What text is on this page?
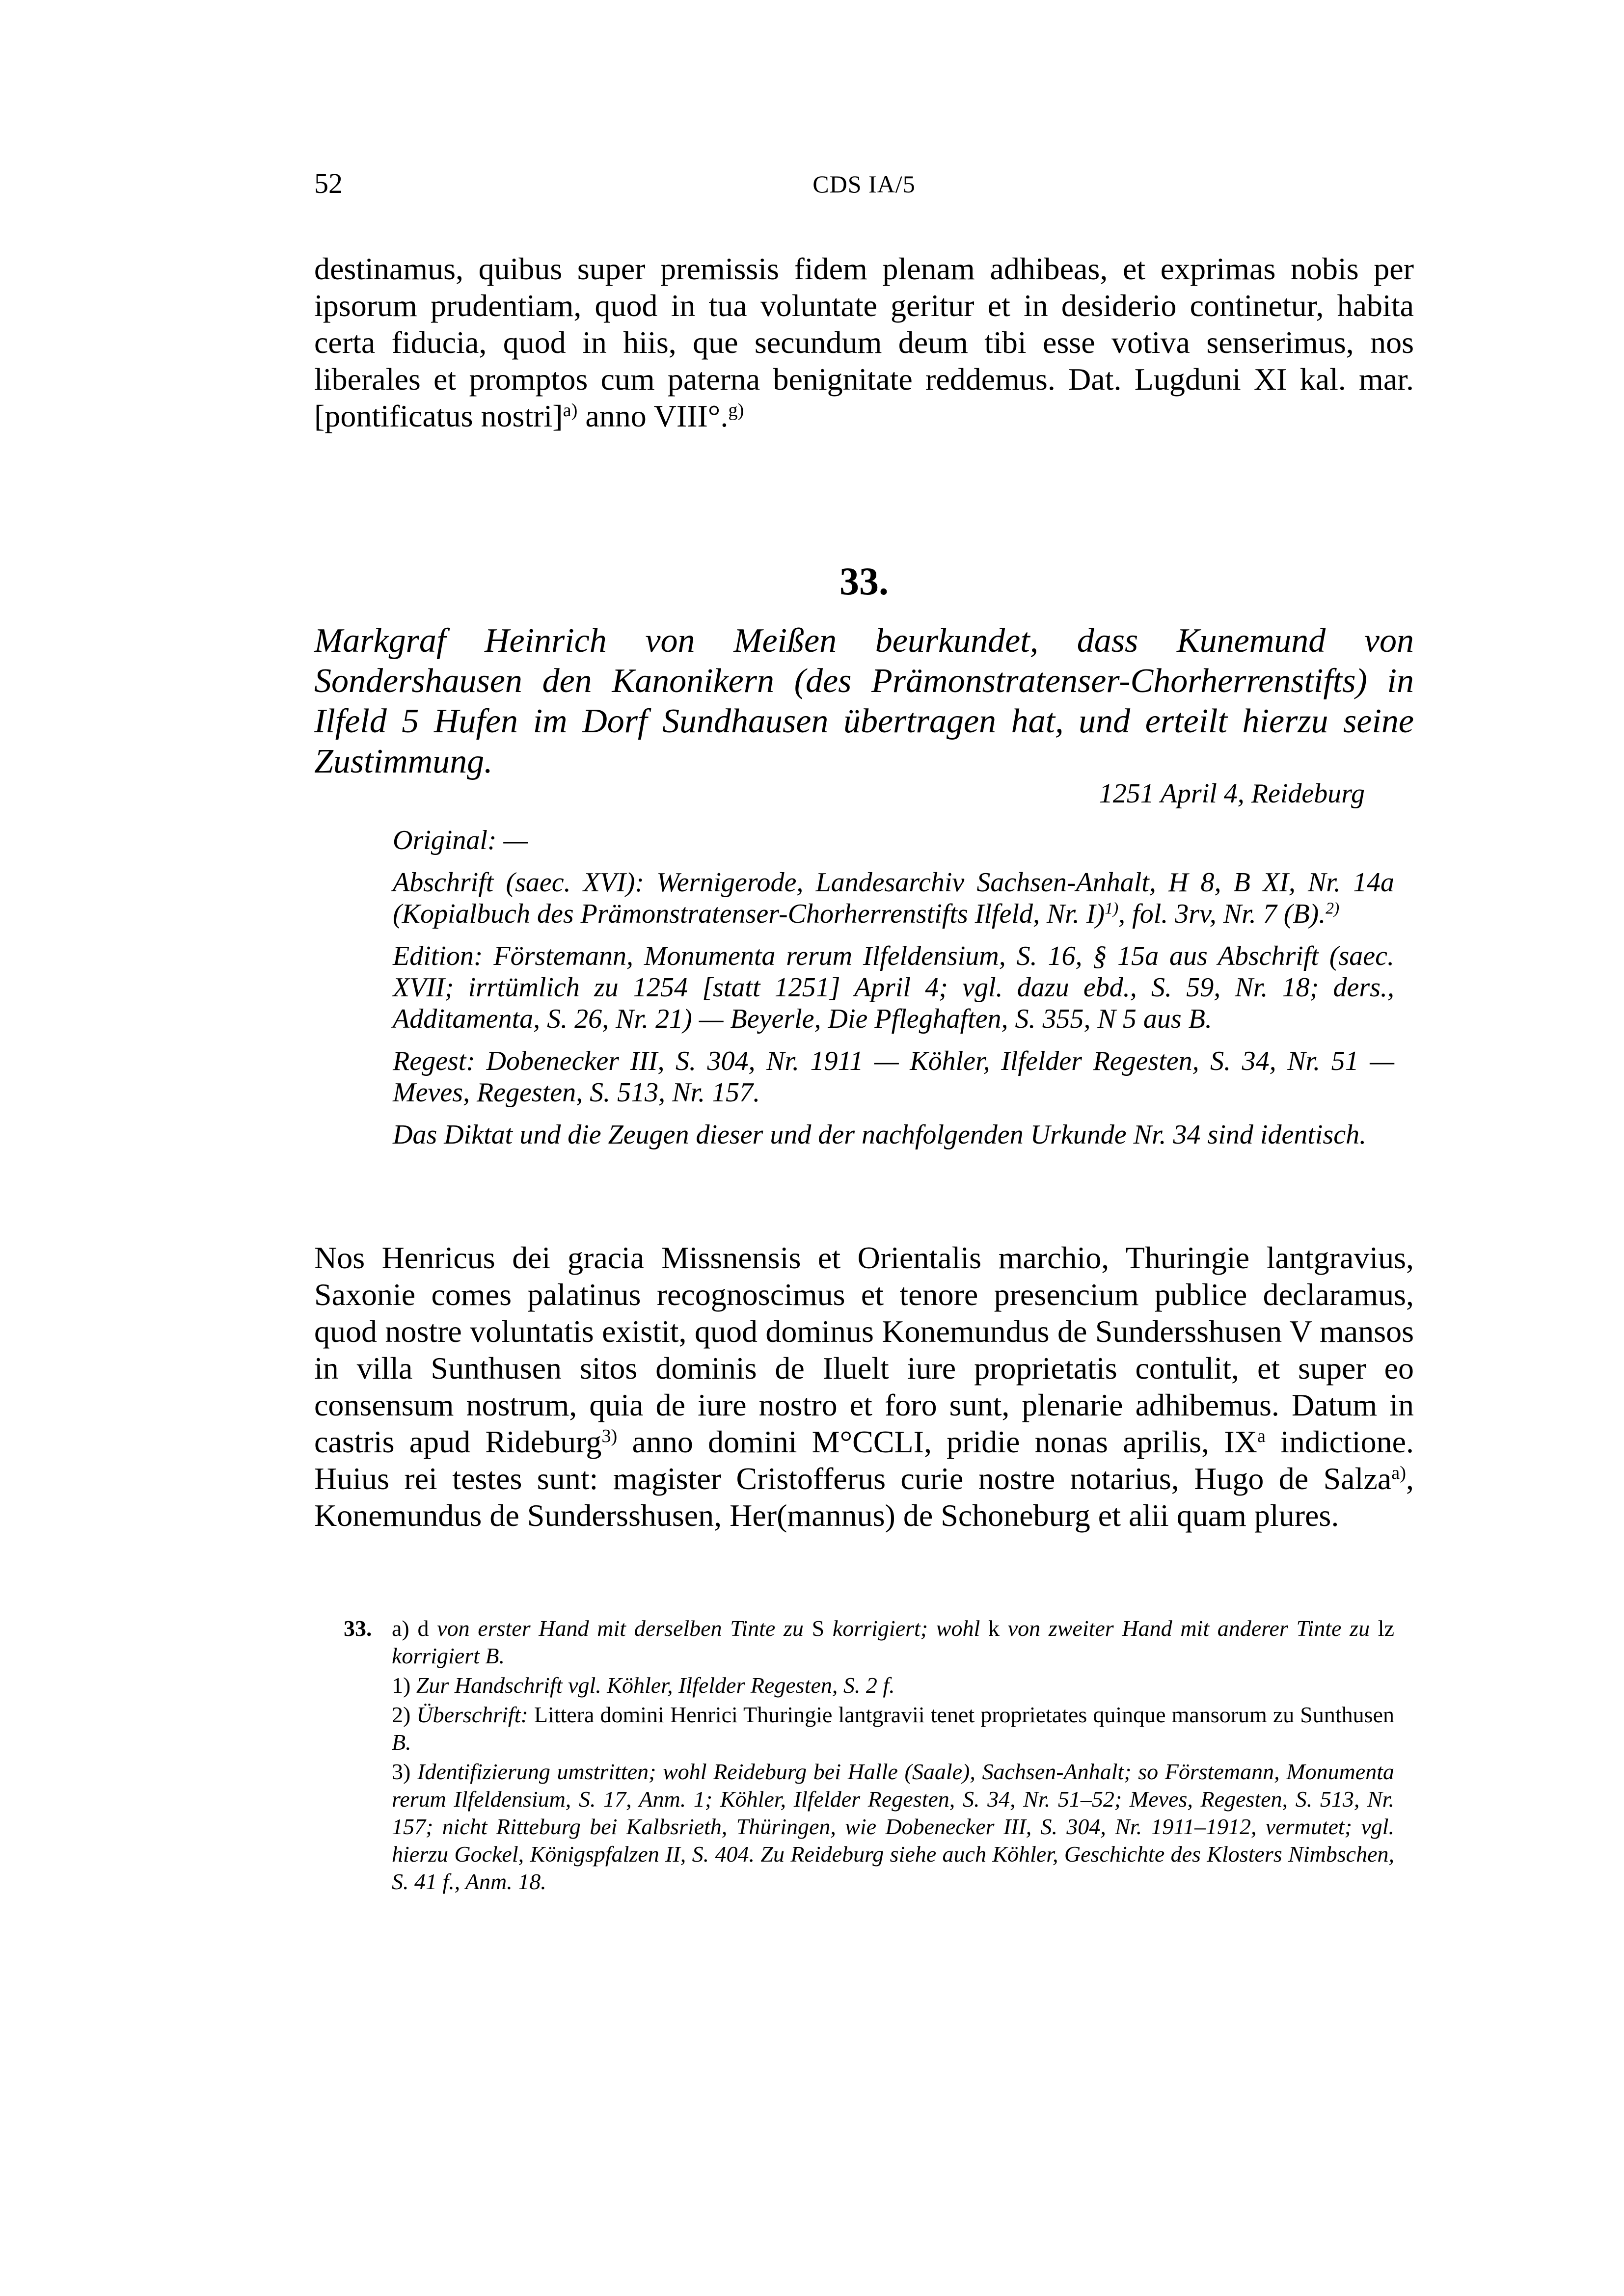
52	CDS IA/5

destinamus, quibus super premissis fidem plenam adhibeas, et exprimas nobis per ipsorum prudentiam, quod in tua voluntate geritur et in desiderio continetur, habita certa fiducia, quod in hiis, que secundum deum tibi esse votiva senserimus, nos liberales et promptos cum paterna benignitate reddemus. Dat. Lugduni XI kal. mar. [pontificatus nostri]$^{a)}$ anno VIII°.$^{g)}$

33.

Markgraf Heinrich von Meißen beurkundet, dass Kunemund von Sondershausen den Kanonikern (des Prämonstratenser-Chorherrenstifts) in Ilfeld 5 Hufen im Dorf Sundhausen übertragen hat, und erteilt hierzu seine Zustimmung.

1251 April 4, Reideburg

Original: —

Abschrift (saec. XVI): Wernigerode, Landesarchiv Sachsen-Anhalt, H 8, B XI, Nr. 14a (Kopialbuch des Prämonstratenser-Chorherrenstifts Ilfeld, Nr. I)$^{1)}$, fol. 3rv, Nr. 7 (B).$^{2)}$

Edition: Förstemann, Monumenta rerum Ilfeldensium, S. 16, § 15a aus Abschrift (saec. XVII; irrtümlich zu 1254 [statt 1251] April 4; vgl. dazu ebd., S. 59, Nr. 18; ders., Additamenta, S. 26, Nr. 21) — Beyerle, Die Pfleghaften, S. 355, N 5 aus B.

Regest: Dobenecker III, S. 304, Nr. 1911 — Köhler, Ilfelder Regesten, S. 34, Nr. 51 — Meves, Regesten, S. 513, Nr. 157.

Das Diktat und die Zeugen dieser und der nachfolgenden Urkunde Nr. 34 sind identisch.

Nos Henricus dei gracia Missnensis et Orientalis marchio, Thuringie lantgravius, Saxonie comes palatinus recognoscimus et tenore presencium publice declaramus, quod nostre voluntatis existit, quod dominus Konemundus de Sundersshusen V mansos in villa Sunthusen sitos dominis de Iluelt iure proprietatis contulit, et super eo consensum nostrum, quia de iure nostro et foro sunt, plenarie adhibemus. Datum in castris apud Rideburg$^{3)}$ anno domini M°CCLI, pridie nonas aprilis, $IX^a$ indictione. Huius rei testes sunt: magister Cristofferus curie nostre notarius, Hugo de Salza$^{a)}$, Konemundus de Sundersshusen, Her(mannus) de Schoneburg et alii quam plures.

33. a) d von erster Hand mit derselben Tinte zu S korrigiert; wohl k von zweiter Hand mit anderer Tinte zu lz korrigiert B.
1) Zur Handschrift vgl. Köhler, Ilfelder Regesten, S. 2 f.
2) Überschrift: Littera domini Henrici Thuringie lantgravii tenet proprietates quinque mansorum zu Sunthusen B.
3) Identifizierung umstritten; wohl Reideburg bei Halle (Saale), Sachsen-Anhalt; so Förstemann, Monumenta rerum Ilfeldensium, S. 17, Anm. 1; Köhler, Ilfelder Regesten, S. 34, Nr. 51–52; Meves, Regesten, S. 513, Nr. 157; nicht Ritteburg bei Kalbsrieth, Thüringen, wie Dobenecker III, S. 304, Nr. 1911–1912, vermutet; vgl. hierzu Gockel, Königspfalzen II, S. 404. Zu Reideburg siehe auch Köhler, Geschichte des Klosters Nimbschen, S. 41 f., Anm. 18.
